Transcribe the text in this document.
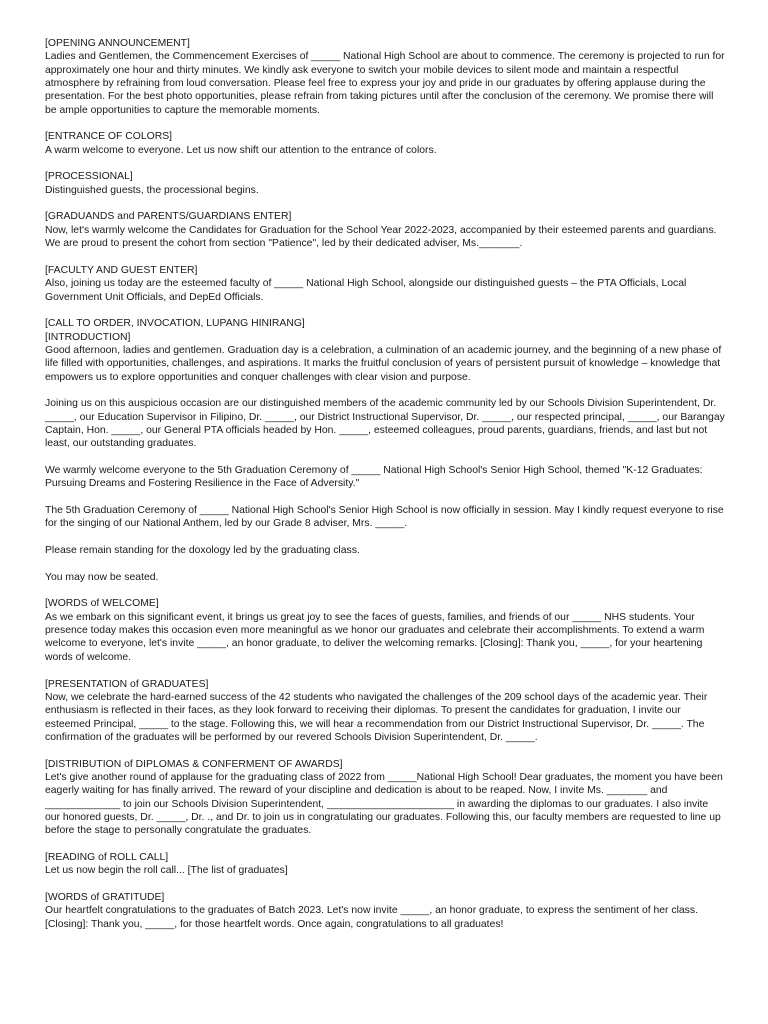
[OPENING ANNOUNCEMENT]
Ladies and Gentlemen, the Commencement Exercises of _____ National High School are about to commence. The ceremony is projected to run for approximately one hour and thirty minutes. We kindly ask everyone to switch your mobile devices to silent mode and maintain a respectful atmosphere by refraining from loud conversation. Please feel free to express your joy and pride in our graduates by offering applause during the presentation. For the best photo opportunities, please refrain from taking pictures until after the conclusion of the ceremony. We promise there will be ample opportunities to capture the memorable moments.
[ENTRANCE OF COLORS]
A warm welcome to everyone. Let us now shift our attention to the entrance of colors.
[PROCESSIONAL]
Distinguished guests, the processional begins.
[GRADUANDS and PARENTS/GUARDIANS ENTER]
Now, let's warmly welcome the Candidates for Graduation for the School Year 2022-2023, accompanied by their esteemed parents and guardians. We are proud to present the cohort from section "Patience", led by their dedicated adviser, Ms._______.
[FACULTY AND GUEST ENTER]
Also, joining us today are the esteemed faculty of _____ National High School, alongside our distinguished guests – the PTA Officials, Local Government Unit Officials, and DepEd Officials.
[CALL TO ORDER, INVOCATION, LUPANG HINIRANG]
[INTRODUCTION]
Good afternoon, ladies and gentlemen. Graduation day is a celebration, a culmination of an academic journey, and the beginning of a new phase of life filled with opportunities, challenges, and aspirations. It marks the fruitful conclusion of years of persistent pursuit of knowledge – knowledge that empowers us to explore opportunities and conquer challenges with clear vision and purpose.
Joining us on this auspicious occasion are our distinguished members of the academic community led by our Schools Division Superintendent, Dr. _____, our Education Supervisor in Filipino, Dr. _____, our District Instructional Supervisor, Dr. _____, our respected principal, _____, our Barangay Captain, Hon. _____, our General PTA officials headed by Hon. _____, esteemed colleagues, proud parents, guardians, friends, and last but not least, our outstanding graduates.
We warmly welcome everyone to the 5th Graduation Ceremony of _____ National High School's Senior High School, themed "K-12 Graduates: Pursuing Dreams and Fostering Resilience in the Face of Adversity."
The 5th Graduation Ceremony of _____ National High School's Senior High School is now officially in session. May I kindly request everyone to rise for the singing of our National Anthem, led by our Grade 8 adviser, Mrs. _____.
Please remain standing for the doxology led by the graduating class.
You may now be seated.
[WORDS of WELCOME]
As we embark on this significant event, it brings us great joy to see the faces of guests, families, and friends of our _____ NHS students. Your presence today makes this occasion even more meaningful as we honor our graduates and celebrate their accomplishments. To extend a warm welcome to everyone, let's invite _____, an honor graduate, to deliver the welcoming remarks. [Closing]: Thank you, _____, for your heartening words of welcome.
[PRESENTATION of GRADUATES]
Now, we celebrate the hard-earned success of the 42 students who navigated the challenges of the 209 school days of the academic year. Their enthusiasm is reflected in their faces, as they look forward to receiving their diplomas. To present the candidates for graduation, I invite our esteemed Principal, _____ to the stage. Following this, we will hear a recommendation from our District Instructional Supervisor, Dr. _____. The confirmation of the graduates will be performed by our revered Schools Division Superintendent, Dr. _____.
[DISTRIBUTION of DIPLOMAS & CONFERMENT OF AWARDS]
Let's give another round of applause for the graduating class of 2022 from _____National High School! Dear graduates, the moment you have been eagerly waiting for has finally arrived. The reward of your discipline and dedication is about to be reaped. Now, I invite Ms. _______ and _____________ to join our Schools Division Superintendent, ______________________ in awarding the diplomas to our graduates. I also invite our honored guests, Dr. _____, Dr. ., and Dr. to join us in congratulating our graduates. Following this, our faculty members are requested to line up before the stage to personally congratulate the graduates.
[READING of ROLL CALL]
Let us now begin the roll call... [The list of graduates]
[WORDS of GRATITUDE]
Our heartfelt congratulations to the graduates of Batch 2023. Let's now invite _____, an honor graduate, to express the sentiment of her class. [Closing]: Thank you, _____, for those heartfelt words. Once again, congratulations to all graduates!
